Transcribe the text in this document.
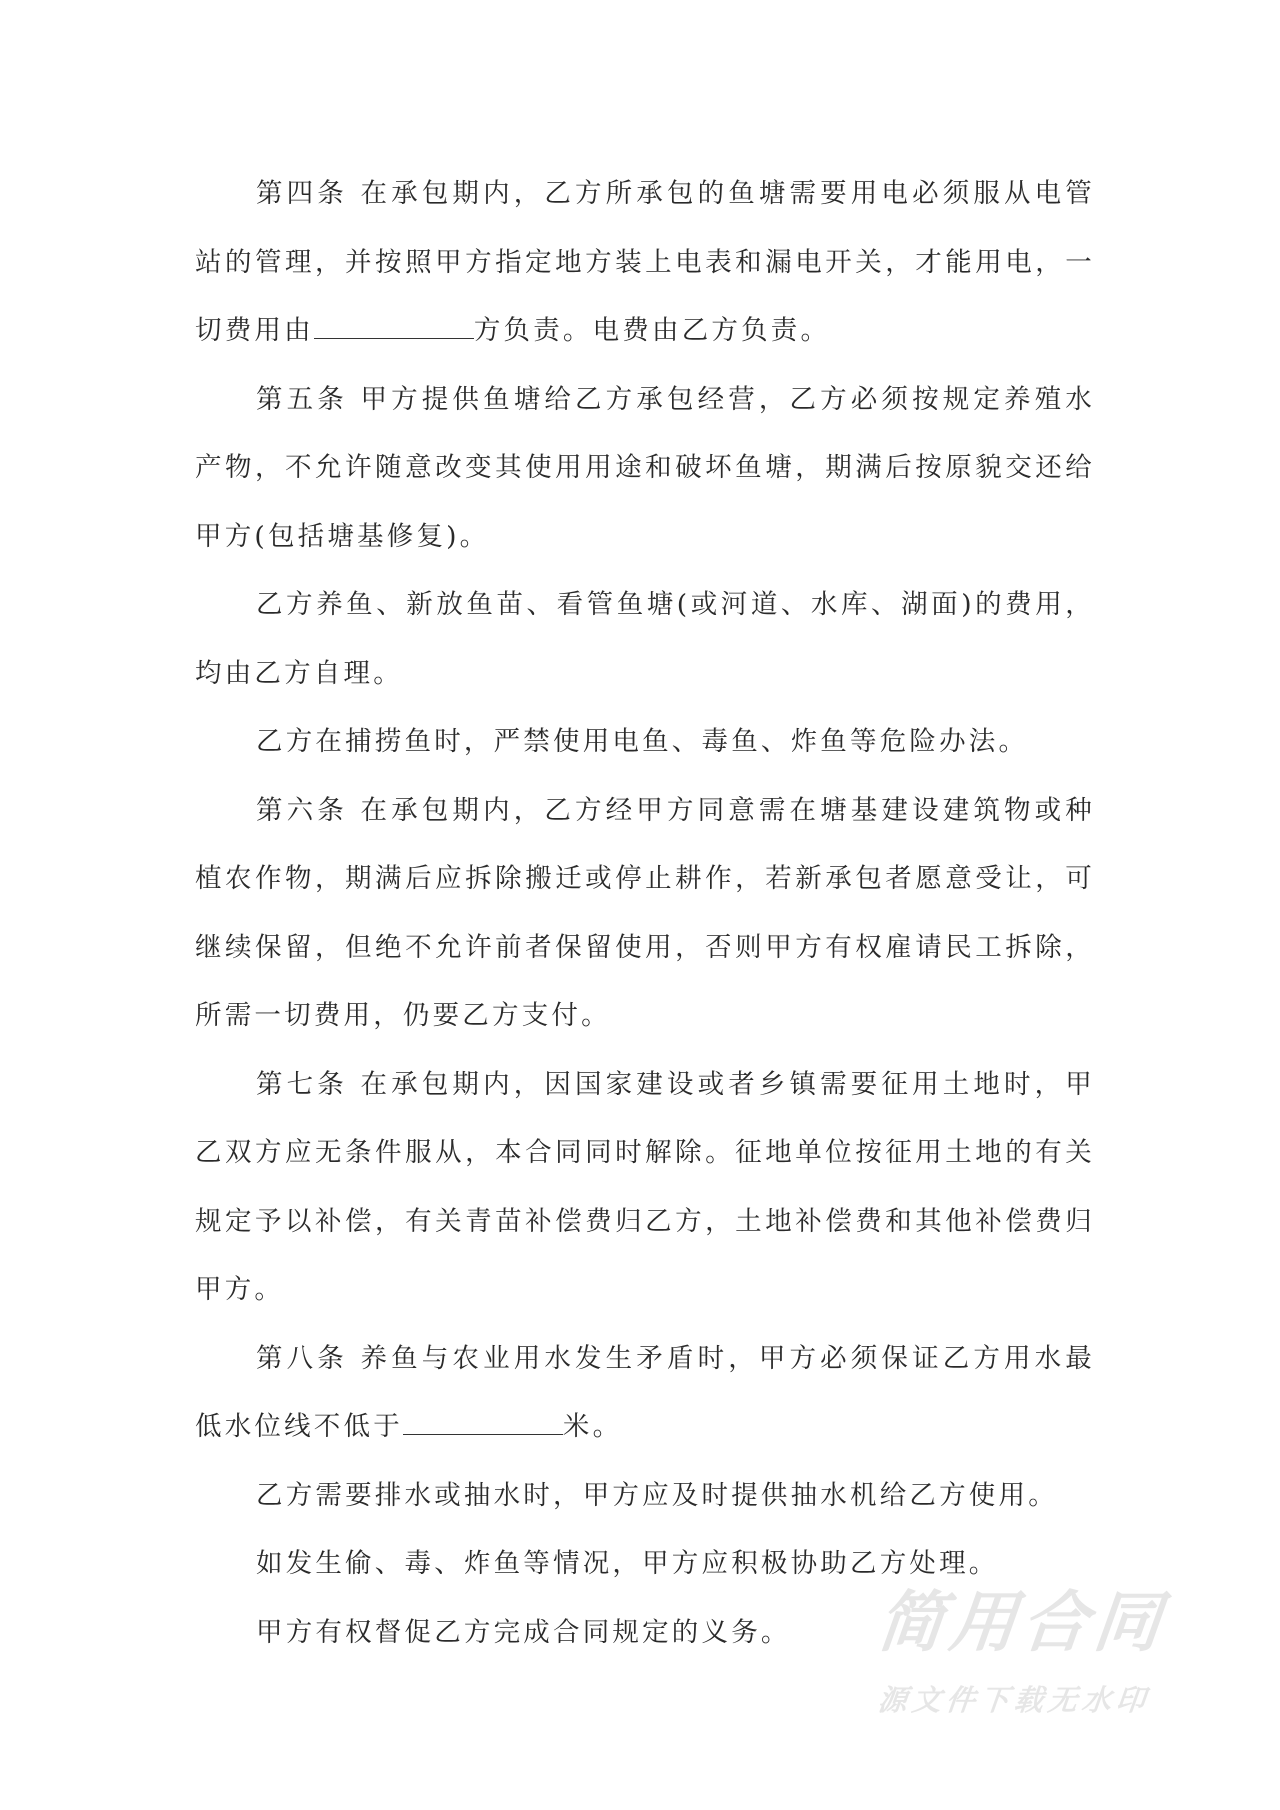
第四条 在承包期内，乙方所承包的鱼塘需要用电必须服从电管站的管理，并按照甲方指定地方装上电表和漏电开关，才能用电，一切费用由	方负责。电费由乙方负责。

第五条 甲方提供鱼塘给乙方承包经营，乙方必须按规定养殖水产物，不允许随意改变其使用用途和破坏鱼塘，期满后按原貌交还给甲方(包括塘基修复)。

乙方养鱼、新放鱼苗、看管鱼塘(或河道、水库、湖面)的费用，均由乙方自理。

乙方在捕捞鱼时，严禁使用电鱼、毒鱼、炸鱼等危险办法。

第六条 在承包期内，乙方经甲方同意需在塘基建设建筑物或种植农作物，期满后应拆除搬迁或停止耕作，若新承包者愿意受让，可继续保留，但绝不允许前者保留使用，否则甲方有权雇请民工拆除，所需一切费用，仍要乙方支付。

第七条 在承包期内，因国家建设或者乡镇需要征用土地时，甲乙双方应无条件服从，本合同同时解除。征地单位按征用土地的有关规定予以补偿，有关青苗补偿费归乙方，土地补偿费和其他补偿费归甲方。

第八条 养鱼与农业用水发生矛盾时，甲方必须保证乙方用水最低水位线不低于	米。

乙方需要排水或抽水时，甲方应及时提供抽水机给乙方使用。

如发生偷、毒、炸鱼等情况，甲方应积极协助乙方处理。

甲方有权督促乙方完成合同规定的义务。	简用合同
源文件下载无水印
